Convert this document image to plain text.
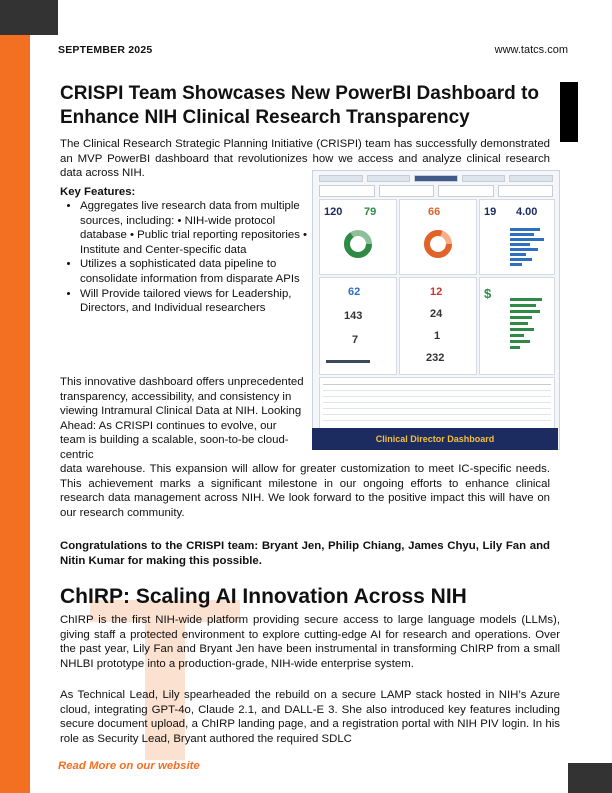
SEPTEMBER 2025	www.tatcs.com
CRISPI Team Showcases New PowerBI Dashboard to Enhance NIH Clinical Research Transparency
The Clinical Research Strategic Planning Initiative (CRISPI) team has successfully demonstrated an MVP PowerBI dashboard that revolutionizes how we access and analyze clinical research data across NIH.
Key Features:
• Aggregates live research data from multiple sources, including: • NIH-wide protocol database • Public trial reporting repositories • Institute and Center-specific data
• Utilizes a sophisticated data pipeline to consolidate information from disparate APIs
• Will Provide tailored views for Leadership, Directors, and Individual researchers
This innovative dashboard offers unprecedented transparency, accessibility, and consistency in viewing Intramural Clinical Data at NIH. Looking Ahead: As CRISPI continues to evolve, our team is building a scalable, soon-to-be cloud-centric
data warehouse. This expansion will allow for greater customization to meet IC-specific needs. This achievement marks a significant milestone in our ongoing efforts to enhance clinical research data management across NIH. We look forward to the positive impact this will have on our research community.
Congratulations to the CRISPI team: Bryant Jen, Philip Chiang, James Chyu, Lily Fan and Nitin Kumar for making this possible.
120 79	66	19 4.00
62
143
7
12
24
1
232
$
Clinical Director Dashboard
ChIRP: Scaling AI Innovation Across NIH
ChIRP is the first NIH-wide platform providing secure access to large language models (LLMs), giving staff a protected environment to explore cutting-edge AI for research and operations. Over the past year, Lily Fan and Bryant Jen have been instrumental in transforming ChIRP from a small NHLBI prototype into a production-grade, NIH-wide enterprise system.
As Technical Lead, Lily spearheaded the rebuild on a secure LAMP stack hosted in NIH’s Azure cloud, integrating GPT-4o, Claude 2.1, and DALL-E 3. She also introduced key features including secure document upload, a ChIRP landing page, and a registration portal with NIH PIV login. In his role as Security Lead, Bryant authored the required SDLC
Read More on our website
